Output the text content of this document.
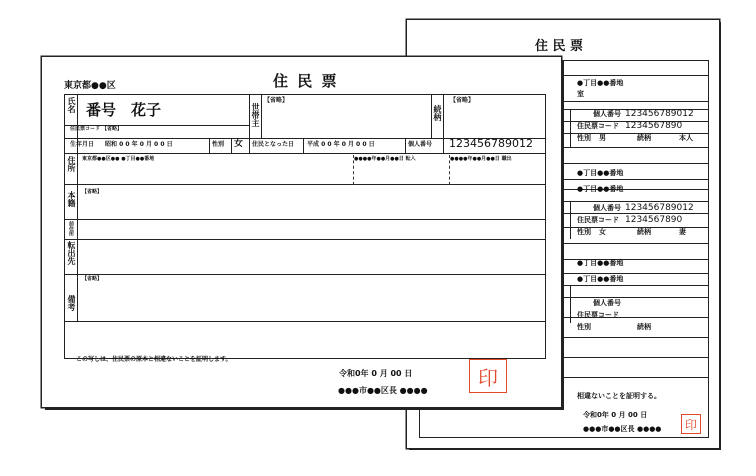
住 民 票
●丁目●●番地
室
個人番号 123456789012
住民票コード 1234567890
性別 男	続柄	本人
●丁目●●番地
●丁目●●番地
個人番号 123456789012
住民票コード 1234567890
性別 女	続柄	妻
●丁目●●番地
●丁目●●番地
個人番号
住民票コード
性別	続柄
相違ないことを証明する。
令和0年 0 月 00 日
●●●市●●区長 ●●●●	印
東京都●●区	住 民 票
氏名 番号　花子
住民票コード 【省略】
世帯主
【省略】
続柄
【省略】
生年月日 昭和 0 0 年 0 月 0 0 日	性別 女 住民となった日 平成 0 0 年 0 月 0 0 日	個人番号 123456789012
住所 東京都●●区●● ●丁目●●番地	●●●●年●●月●●日 転入	●●●●年●●月●●日 職出
本籍 【省略】
前住所
転出先
備考
【省略】
この写しは、住民票の原本と相違ないことを証明します。
令和0年 0 月 00 日
●●●市●●区長 ●●●●
印
